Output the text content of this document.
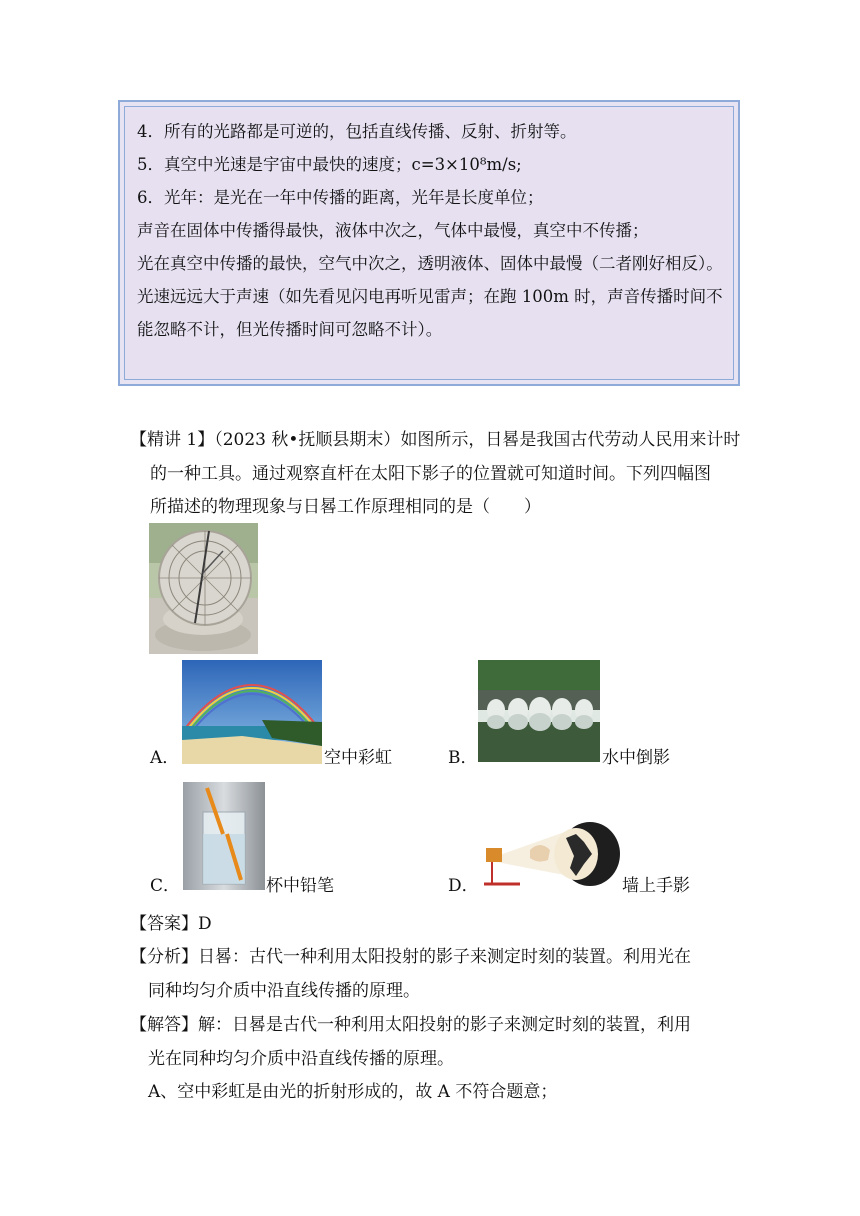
4．所有的光路都是可逆的，包括直线传播、反射、折射等。
5．真空中光速是宇宙中最快的速度；c=3×10⁸m/s;
6．光年：是光在一年中传播的距离，光年是长度单位；
声音在固体中传播得最快，液体中次之，气体中最慢，真空中不传播；
光在真空中传播的最快，空气中次之，透明液体、固体中最慢（二者刚好相反）。
光速远远大于声速（如先看见闪电再听见雷声；在跑 100m 时，声音传播时间不
能忽略不计，但光传播时间可忽略不计）。
【精讲 1】（2023 秋•抚顺县期末）如图所示，日晷是我国古代劳动人民用来计时
的一种工具。通过观察直杆在太阳下影子的位置就可知道时间。下列四幅图
所描述的物理现象与日晷工作原理相同的是（　　）
A．	空中彩虹	B．	水中倒影
C．	杯中铅笔	D．	墙上手影
【答案】D
【分析】日晷：古代一种利用太阳投射的影子来测定时刻的装置。利用光在
同种均匀介质中沿直线传播的原理。
【解答】解：日晷是古代一种利用太阳投射的影子来测定时刻的装置，利用
光在同种均匀介质中沿直线传播的原理。
A、空中彩虹是由光的折射形成的，故 A 不符合题意；
